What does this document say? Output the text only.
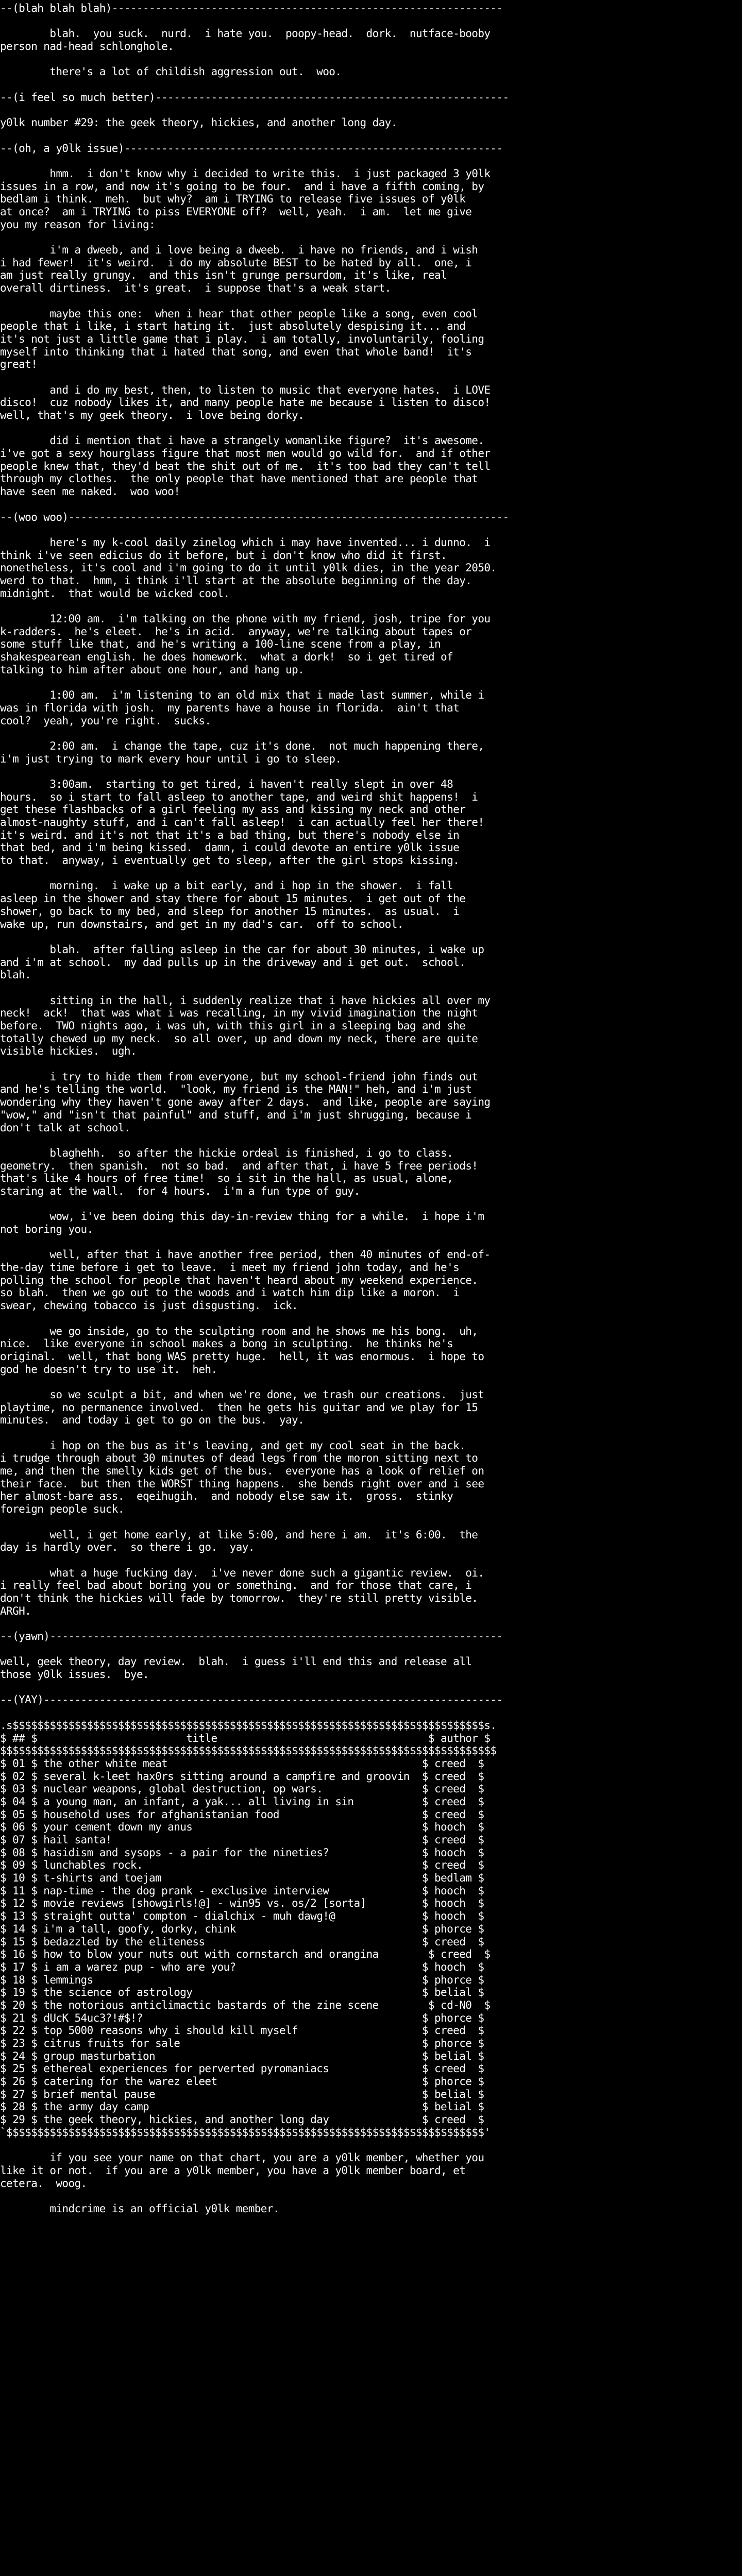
--(blah blah blah)---------------------------------------------------------------
blah.  you suck.  nurd.  i hate you.  poopy-head.  dork.  nutface-booby
person nad-head schlonghole.
there's a lot of childish aggression out.  woo.
--(i feel so much better)---------------------------------------------------------
y0lk number #29: the geek theory, hickies, and another long day.
--(oh, a y0lk issue)-------------------------------------------------------------
hmm.  i don't know why i decided to write this.  i just packaged 3 y0lk
issues in a row, and now it's going to be four.  and i have a fifth coming, by
bedlam i think.  meh.  but why?  am i TRYING to release five issues of y0lk
at once?  am i TRYING to piss EVERYONE off?  well, yeah.  i am.  let me give
you my reason for living:
i'm a dweeb, and i love being a dweeb.  i have no friends, and i wish
i had fewer!  it's weird.  i do my absolute BEST to be hated by all.  one, i
am just really grungy.  and this isn't grunge persurdom, it's like, real
overall dirtiness.  it's great.  i suppose that's a weak start.
maybe this one:  when i hear that other people like a song, even cool
people that i like, i start hating it.  just absolutely despising it... and
it's not just a little game that i play.  i am totally, involuntarily, fooling
myself into thinking that i hated that song, and even that whole band!  it's
great!
and i do my best, then, to listen to music that everyone hates.  i LOVE
disco!  cuz nobody likes it, and many people hate me because i listen to disco!
well, that's my geek theory.  i love being dorky.
did i mention that i have a strangely womanlike figure?  it's awesome.
i've got a sexy hourglass figure that most men would go wild for.  and if other
people knew that, they'd beat the shit out of me.  it's too bad they can't tell
through my clothes.  the only people that have mentioned that are people that
have seen me naked.  woo woo!
--(woo woo)-----------------------------------------------------------------------
here's my k-cool daily zinelog which i may have invented... i dunno.  i
think i've seen edicius do it before, but i don't know who did it first.
nonetheless, it's cool and i'm going to do it until y0lk dies, in the year 2050.
werd to that.  hmm, i think i'll start at the absolute beginning of the day.
midnight.  that would be wicked cool.
12:00 am.  i'm talking on the phone with my friend, josh, tripe for you
k-radders.  he's eleet.  he's in acid.  anyway, we're talking about tapes or
some stuff like that, and he's writing a 100-line scene from a play, in
shakespearean english. he does homework.  what a dork!  so i get tired of
talking to him after about one hour, and hang up.
1:00 am.  i'm listening to an old mix that i made last summer, while i
was in florida with josh.  my parents have a house in florida.  ain't that
cool?  yeah, you're right.  sucks.
2:00 am.  i change the tape, cuz it's done.  not much happening there,
i'm just trying to mark every hour until i go to sleep.
3:00am.  starting to get tired, i haven't really slept in over 48
hours.  so i start to fall asleep to another tape, and weird shit happens!  i
get these flashbacks of a girl feeling my ass and kissing my neck and other
almost-naughty stuff, and i can't fall asleep!  i can actually feel her there!
it's weird. and it's not that it's a bad thing, but there's nobody else in
that bed, and i'm being kissed.  damn, i could devote an entire y0lk issue
to that.  anyway, i eventually get to sleep, after the girl stops kissing.
morning.  i wake up a bit early, and i hop in the shower.  i fall
asleep in the shower and stay there for about 15 minutes.  i get out of the
shower, go back to my bed, and sleep for another 15 minutes.  as usual.  i
wake up, run downstairs, and get in my dad's car.  off to school.
blah.  after falling asleep in the car for about 30 minutes, i wake up
and i'm at school.  my dad pulls up in the driveway and i get out.  school.
blah.
sitting in the hall, i suddenly realize that i have hickies all over my
neck!  ack!  that was what i was recalling, in my vivid imagination the night
before.  TWO nights ago, i was uh, with this girl in a sleeping bag and she
totally chewed up my neck.  so all over, up and down my neck, there are quite
visible hickies.  ugh.
i try to hide them from everyone, but my school-friend john finds out
and he's telling the world.  "look, my friend is the MAN!" heh, and i'm just
wondering why they haven't gone away after 2 days.  and like, people are saying
"wow," and "isn't that painful" and stuff, and i'm just shrugging, because i
don't talk at school.
blaghehh.  so after the hickie ordeal is finished, i go to class.
geometry.  then spanish.  not so bad.  and after that, i have 5 free periods!
that's like 4 hours of free time!  so i sit in the hall, as usual, alone,
staring at the wall.  for 4 hours.  i'm a fun type of guy.
wow, i've been doing this day-in-review thing for a while.  i hope i'm
not boring you.
well, after that i have another free period, then 40 minutes of end-of-
the-day time before i get to leave.  i meet my friend john today, and he's
polling the school for people that haven't heard about my weekend experience.
so blah.  then we go out to the woods and i watch him dip like a moron.  i
swear, chewing tobacco is just disgusting.  ick.
we go inside, go to the sculpting room and he shows me his bong.  uh,
nice.  like everyone in school makes a bong in sculpting.  he thinks he's
original.  well, that bong WAS pretty huge.  hell, it was enormous.  i hope to
god he doesn't try to use it.  heh.
so we sculpt a bit, and when we're done, we trash our creations.  just
playtime, no permanence involved.  then he gets his guitar and we play for 15
minutes.  and today i get to go on the bus.  yay.
i hop on the bus as it's leaving, and get my cool seat in the back.
i trudge through about 30 minutes of dead legs from the moron sitting next to
me, and then the smelly kids get of the bus.  everyone has a look of relief on
their face.  but then the WORST thing happens.  she bends right over and i see
her almost-bare ass.  eqeihugih.  and nobody else saw it.  gross.  stinky
foreign people suck.
well, i get home early, at like 5:00, and here i am.  it's 6:00.  the
day is hardly over.  so there i go.  yay.
what a huge fucking day.  i've never done such a gigantic review.  oi.
i really feel bad about boring you or something.  and for those that care, i
don't think the hickies will fade by tomorrow.  they're still pretty visible.
ARGH.
--(yawn)-------------------------------------------------------------------------
well, geek theory, day review.  blah.  i guess i'll end this and release all
those y0lk issues.  bye.
--(YAY)--------------------------------------------------------------------------
.s$$$$$$$$$$$$$$$$$$$$$$$$$$$$$$$$$$$$$$$$$$$$$$$$$$$$$$$$$$$$$$$$$$$$$$$$$$$$s.
$ ## $                        title                                  $ author $
$$$$$$$$$$$$$$$$$$$$$$$$$$$$$$$$$$$$$$$$$$$$$$$$$$$$$$$$$$$$$$$$$$$$$$$$$$$$$$$$
$ 01 $ the other white meat                                         $ creed  $
$ 02 $ several k-leet hax0rs sitting around a campfire and groovin  $ creed  $
$ 03 $ nuclear weapons, global destruction, op wars.                $ creed  $
$ 04 $ a young man, an infant, a yak... all living in sin           $ creed  $
$ 05 $ household uses for afghanistanian food                       $ creed  $
$ 06 $ your cement down my anus                                     $ hooch  $
$ 07 $ hail santa!                                                  $ creed  $
$ 08 $ hasidism and sysops - a pair for the nineties?               $ hooch  $
$ 09 $ lunchables rock.                                             $ creed  $
$ 10 $ t-shirts and toejam                                          $ bedlam $
$ 11 $ nap-time - the dog prank - exclusive interview               $ hooch  $
$ 12 $ movie reviews [showgirls!@] - win95 vs. os/2 [sorta]         $ hooch  $
$ 13 $ straight outta' compton - dialchix - muh dawg!@              $ hooch  $
$ 14 $ i'm a tall, goofy, dorky, chink                              $ phorce $
$ 15 $ bedazzled by the eliteness                                   $ creed  $
$ 16 $ how to blow your nuts out with cornstarch and orangina        $ creed  $
$ 17 $ i am a warez pup - who are you?                              $ hooch  $
$ 18 $ lemmings                                                     $ phorce $
$ 19 $ the science of astrology                                     $ belial $
$ 20 $ the notorious anticlimactic bastards of the zine scene        $ cd-N0  $
$ 21 $ dUcK 54uc3?!#$!?                                             $ phorce $
$ 22 $ top 5000 reasons why i should kill myself                    $ creed  $
$ 23 $ citrus fruits for sale                                       $ phorce $
$ 24 $ group masturbation                                           $ belial $
$ 25 $ ethereal experiences for perverted pyromaniacs               $ creed  $
$ 26 $ catering for the warez eleet                                 $ phorce $
$ 27 $ brief mental pause                                           $ belial $
$ 28 $ the army day camp                                            $ belial $
$ 29 $ the geek theory, hickies, and another long day               $ creed  $
`$$$$$$$$$$$$$$$$$$$$$$$$$$$$$$$$$$$$$$$$$$$$$$$$$$$$$$$$$$$$$$$$$$$$$$$$$$$$$'
if you see your name on that chart, you are a y0lk member, whether you
like it or not.  if you are a y0lk member, you have a y0lk member board, et
cetera.  woog.
mindcrime is an official y0lk member.
